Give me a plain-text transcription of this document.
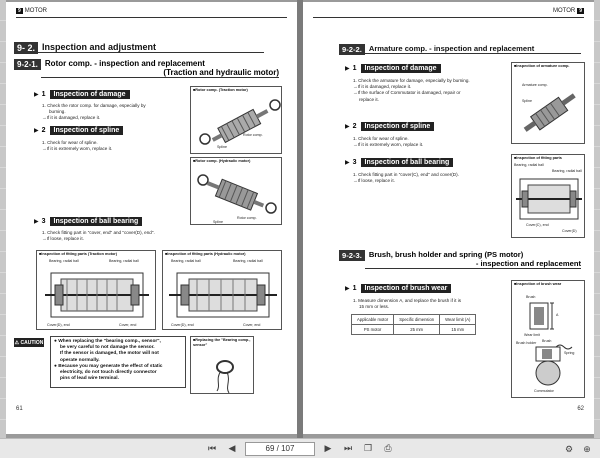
9 MOTOR
9- 2. Inspection and adjustment
9-2-1. Rotor comp. - inspection and replacement
(Traction and hydraulic motor)
▶ 1	Inspection of damage
1. Check the rotor comp. for damage, especially by
burning.
→If it is damaged, replace it.
▶ 2	Inspection of spline
1. Check for wear of spline.
→If it is extremely worn, replace it.
■Rotor comp. (Traction motor)
Rotor comp.
Spline
■Rotor comp. (Hydraulic motor)
Rotor comp.
Spline
▶ 3	Inspection of ball bearing
1. Check fitting part in "cover, end" and "cover(D), end".
→If loose, replace it.
■Inspection of fitting parts (Traction motor)
Bearing, radial ball	Bearing, radial ball
Cover(D), end	Cover, end
■Inspection of fitting parts (Hydraulic motor)
Bearing, radial ball	Bearing, radial ball
Cover(D), end	Cover, end
⚠
CAUTION ● When replacing the "bearing comp., sensor",
be very careful to not damage the sensor.
If the sensor is damaged, the motor will not
operate normally.
● Because you may generate the effect of static
electricity, do not touch directly connector
pins of lead wire terminal.
■Replacing the "Bearing comp.,
sensor"
61
MOTOR 9
9-2-2. Armature comp. - inspection and replacement
▶ 1	Inspection of damage
1. Check the armature for damage, especially by burning.
→If it is damaged, replace it.
→If the surface of Commutator is damaged, repair or
replace it.
■Inspection of armature comp.
Armature comp.
Spline
▶ 2	Inspection of spline
1. Check for wear of spline.
→If it is extremely worn, replace it.
▶ 3	Inspection of ball bearing
1. Check fitting part in "cover(C), end" and cover(D).
→If loose, replace it.
■Inspection of fitting parts
Bearing, radial ball
Bearing, radial ball
Cover(C), end
Cover(D)
9-2-3. Brush, brush holder and spring (PS motor)
- inspection and replacement
▶ 1	Inspection of brush wear
1. Measure dimension A, and replace the brush if it is
15 mm or less.
Applicable motor	Specific dimension	Wear limit (A)
PS motor	25 mm	15 mm
■Inspection of brush wear
Brush
A
Wear limit
Brush holder Brush
Spring
Commutator
62
⏮	◀	69 / 107	▶	⏭	❐	⎙	⚙	⊕
